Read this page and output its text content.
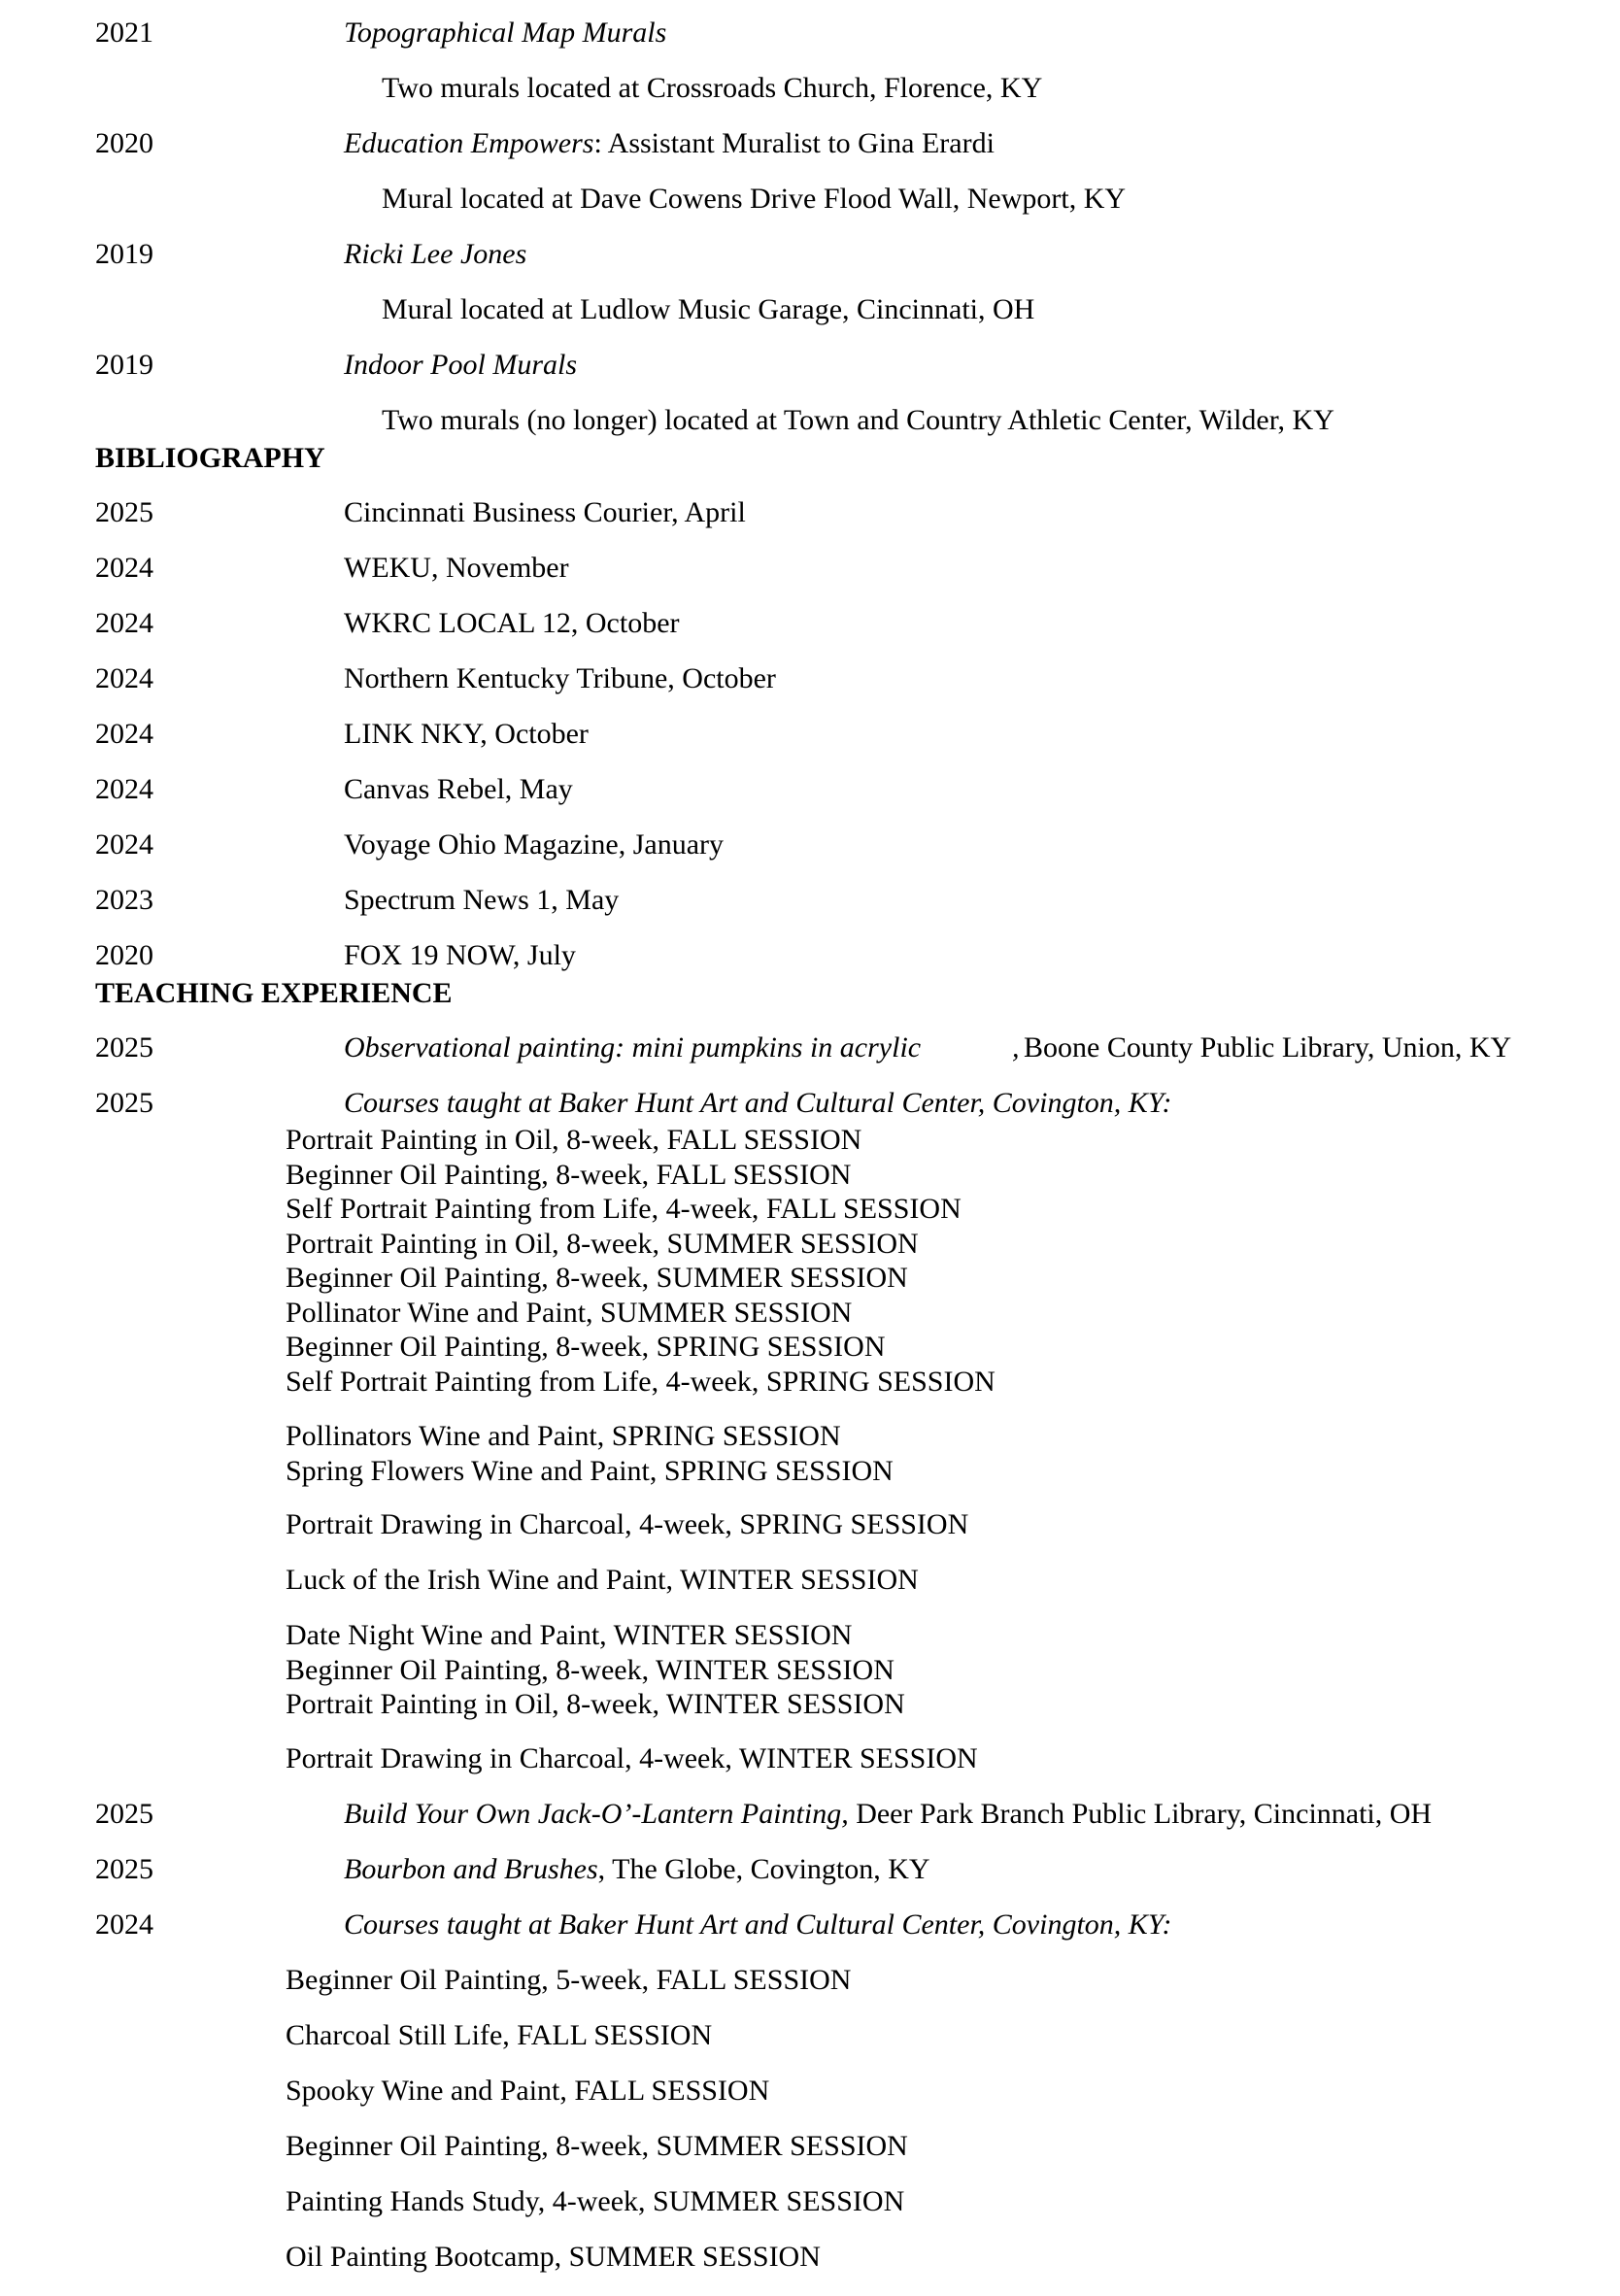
2021	Topographical Map Murals
Two murals located at Crossroads Church, Florence, KY
2020	Education Empowers: Assistant Muralist to Gina Erardi
Mural located at Dave Cowens Drive Flood Wall, Newport, KY
2019	Ricki Lee Jones
Mural located at Ludlow Music Garage, Cincinnati, OH
2019	Indoor Pool Murals
Two murals (no longer) located at Town and Country Athletic Center, Wilder, KY
BIBLIOGRAPHY
2025	Cincinnati Business Courier, April
2024	WEKU, November
2024	WKRC LOCAL 12, October
2024	Northern Kentucky Tribune, October
2024	LINK NKY, October
2024	Canvas Rebel, May
2024	Voyage Ohio Magazine, January
2023	Spectrum News 1, May
2020	FOX 19 NOW, July
TEACHING EXPERIENCE
2025	Observational painting: mini pumpkins in acrylic	, Boone County Public Library, Union, KY
2025	Courses taught at Baker Hunt Art and Cultural Center, Covington, KY:
Portrait Painting in Oil, 8-week, FALL SESSION
Beginner Oil Painting, 8-week, FALL SESSION
Self Portrait Painting from Life, 4-week, FALL SESSION
Portrait Painting in Oil, 8-week, SUMMER SESSION
Beginner Oil Painting, 8-week, SUMMER SESSION
Pollinator Wine and Paint, SUMMER SESSION
Beginner Oil Painting, 8-week, SPRING SESSION
Self Portrait Painting from Life, 4-week, SPRING SESSION
Pollinators Wine and Paint, SPRING SESSION
Spring Flowers Wine and Paint, SPRING SESSION
Portrait Drawing in Charcoal, 4-week, SPRING SESSION
Luck of the Irish Wine and Paint, WINTER SESSION
Date Night Wine and Paint, WINTER SESSION
Beginner Oil Painting, 8-week, WINTER SESSION
Portrait Painting in Oil, 8-week, WINTER SESSION
Portrait Drawing in Charcoal, 4-week, WINTER SESSION
2025	Build Your Own Jack-O’-Lantern Painting, Deer Park Branch Public Library, Cincinnati, OH
2025	Bourbon and Brushes, The Globe, Covington, KY
2024	Courses taught at Baker Hunt Art and Cultural Center, Covington, KY:
Beginner Oil Painting, 5-week, FALL SESSION
Charcoal Still Life, FALL SESSION
Spooky Wine and Paint, FALL SESSION
Beginner Oil Painting, 8-week, SUMMER SESSION
Painting Hands Study, 4-week, SUMMER SESSION
Oil Painting Bootcamp, SUMMER SESSION
